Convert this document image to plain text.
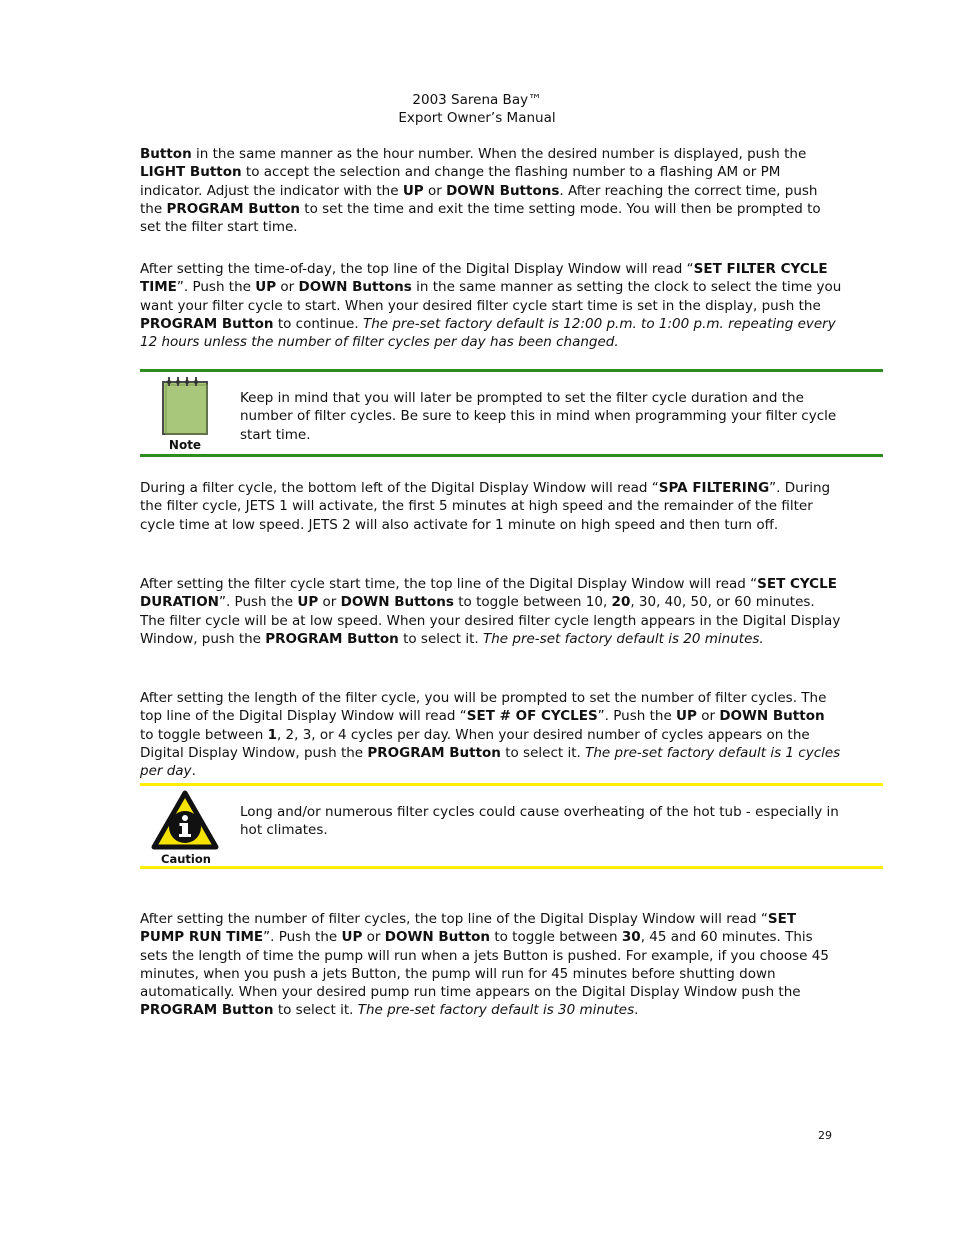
2003 Sarena Bay™
Export Owner’s Manual
Button in the same manner as the hour number. When the desired number is displayed, push the LIGHT Button to accept the selection and change the flashing number to a flashing AM or PM indicator. Adjust the indicator with the UP or DOWN Buttons. After reaching the correct time, push the PROGRAM Button to set the time and exit the time setting mode. You will then be prompted to set the filter start time.
After setting the time-of-day, the top line of the Digital Display Window will read “SET FILTER CYCLE TIME”. Push the UP or DOWN Buttons in the same manner as setting the clock to select the time you want your filter cycle to start. When your desired filter cycle start time is set in the display, push the PROGRAM Button to continue. The pre-set factory default is 12:00 p.m. to 1:00 p.m. repeating every 12 hours unless the number of filter cycles per day has been changed.
Note
Keep in mind that you will later be prompted to set the filter cycle duration and the number of filter cycles. Be sure to keep this in mind when programming your filter cycle start time.
During a filter cycle, the bottom left of the Digital Display Window will read “SPA FILTERING”. During the filter cycle, JETS 1 will activate, the first 5 minutes at high speed and the remainder of the filter cycle time at low speed. JETS 2 will also activate for 1 minute on high speed and then turn off.
After setting the filter cycle start time, the top line of the Digital Display Window will read “SET CYCLE DURATION”. Push the UP or DOWN Buttons to toggle between 10, 20, 30, 40, 50, or 60 minutes. The filter cycle will be at low speed. When your desired filter cycle length appears in the Digital Display Window, push the PROGRAM Button to select it. The pre-set factory default is 20 minutes.
After setting the length of the filter cycle, you will be prompted to set the number of filter cycles. The top line of the Digital Display Window will read “SET # OF CYCLES”. Push the UP or DOWN Button to toggle between 1, 2, 3, or 4 cycles per day. When your desired number of cycles appears on the Digital Display Window, push the PROGRAM Button to select it. The pre-set factory default is 1 cycles per day.
Caution
Long and/or numerous filter cycles could cause overheating of the hot tub - especially in hot climates.
After setting the number of filter cycles, the top line of the Digital Display Window will read “SET PUMP RUN TIME”. Push the UP or DOWN Button to toggle between 30, 45 and 60 minutes. This sets the length of time the pump will run when a jets Button is pushed. For example, if you choose 45 minutes, when you push a jets Button, the pump will run for 45 minutes before shutting down automatically. When your desired pump run time appears on the Digital Display Window push the PROGRAM Button to select it. The pre-set factory default is 30 minutes.
29
